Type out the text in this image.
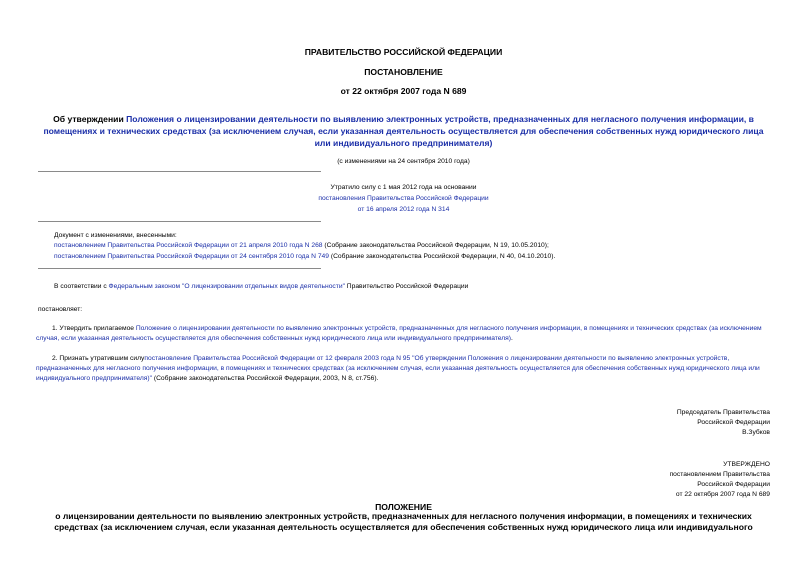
ПРАВИТЕЛЬСТВО РОССИЙСКОЙ ФЕДЕРАЦИИ
ПОСТАНОВЛЕНИЕ
от 22 октября 2007 года N 689
Об утверждении Положения о лицензировании деятельности по выявлению электронных устройств, предназначенных для негласного получения информации, в помещениях и технических средствах (за исключением случая, если указанная деятельность осуществляется для обеспечения собственных нужд юридического лица или индивидуального предпринимателя)
(с изменениями на 24 сентября 2010 года)
Утратило силу с 1 мая 2012 года на основании
постановления Правительства Российской Федерации
от 16 апреля 2012 года N 314
Документ с изменениями, внесенными:
постановлением Правительства Российской Федерации от 21 апреля 2010 года N 268 (Собрание законодательства Российской Федерации, N 19, 10.05.2010);
постановлением Правительства Российской Федерации от 24 сентября 2010 года N 749 (Собрание законодательства Российской Федерации, N 40, 04.10.2010).
В соответствии с Федеральным законом "О лицензировании отдельных видов деятельности" Правительство Российской Федерации
постановляет:
1. Утвердить прилагаемое Положение о лицензировании деятельности по выявлению электронных устройств, предназначенных для негласного получения информации, в помещениях и технических средствах (за исключением случая, если указанная деятельность осуществляется для обеспечения собственных нужд юридического лица или индивидуального предпринимателя).
2. Признать утратившим силупостановление Правительства Российской Федерации от 12 февраля 2003 года N 95 "Об утверждении Положения о лицензировании деятельности по выявлению электронных устройств, предназначенных для негласного получения информации, в помещениях и технических средствах (за исключением случая, если указанная деятельность осуществляется для обеспечения собственных нужд юридического лица или индивидуального предпринимателя)" (Собрание законодательства Российской Федерации, 2003, N 8, ст.756).
Председатель Правительства
Российской Федерации
В.Зубков
УТВЕРЖДЕНО
постановлением Правительства
Российской Федерации
от 22 октября 2007 года N 689
ПОЛОЖЕНИЕ
о лицензировании деятельности по выявлению электронных устройств, предназначенных для негласного получения информации, в помещениях и технических средствах (за исключением случая, если указанная деятельность осуществляется для обеспечения собственных нужд юридического лица или индивидуального
